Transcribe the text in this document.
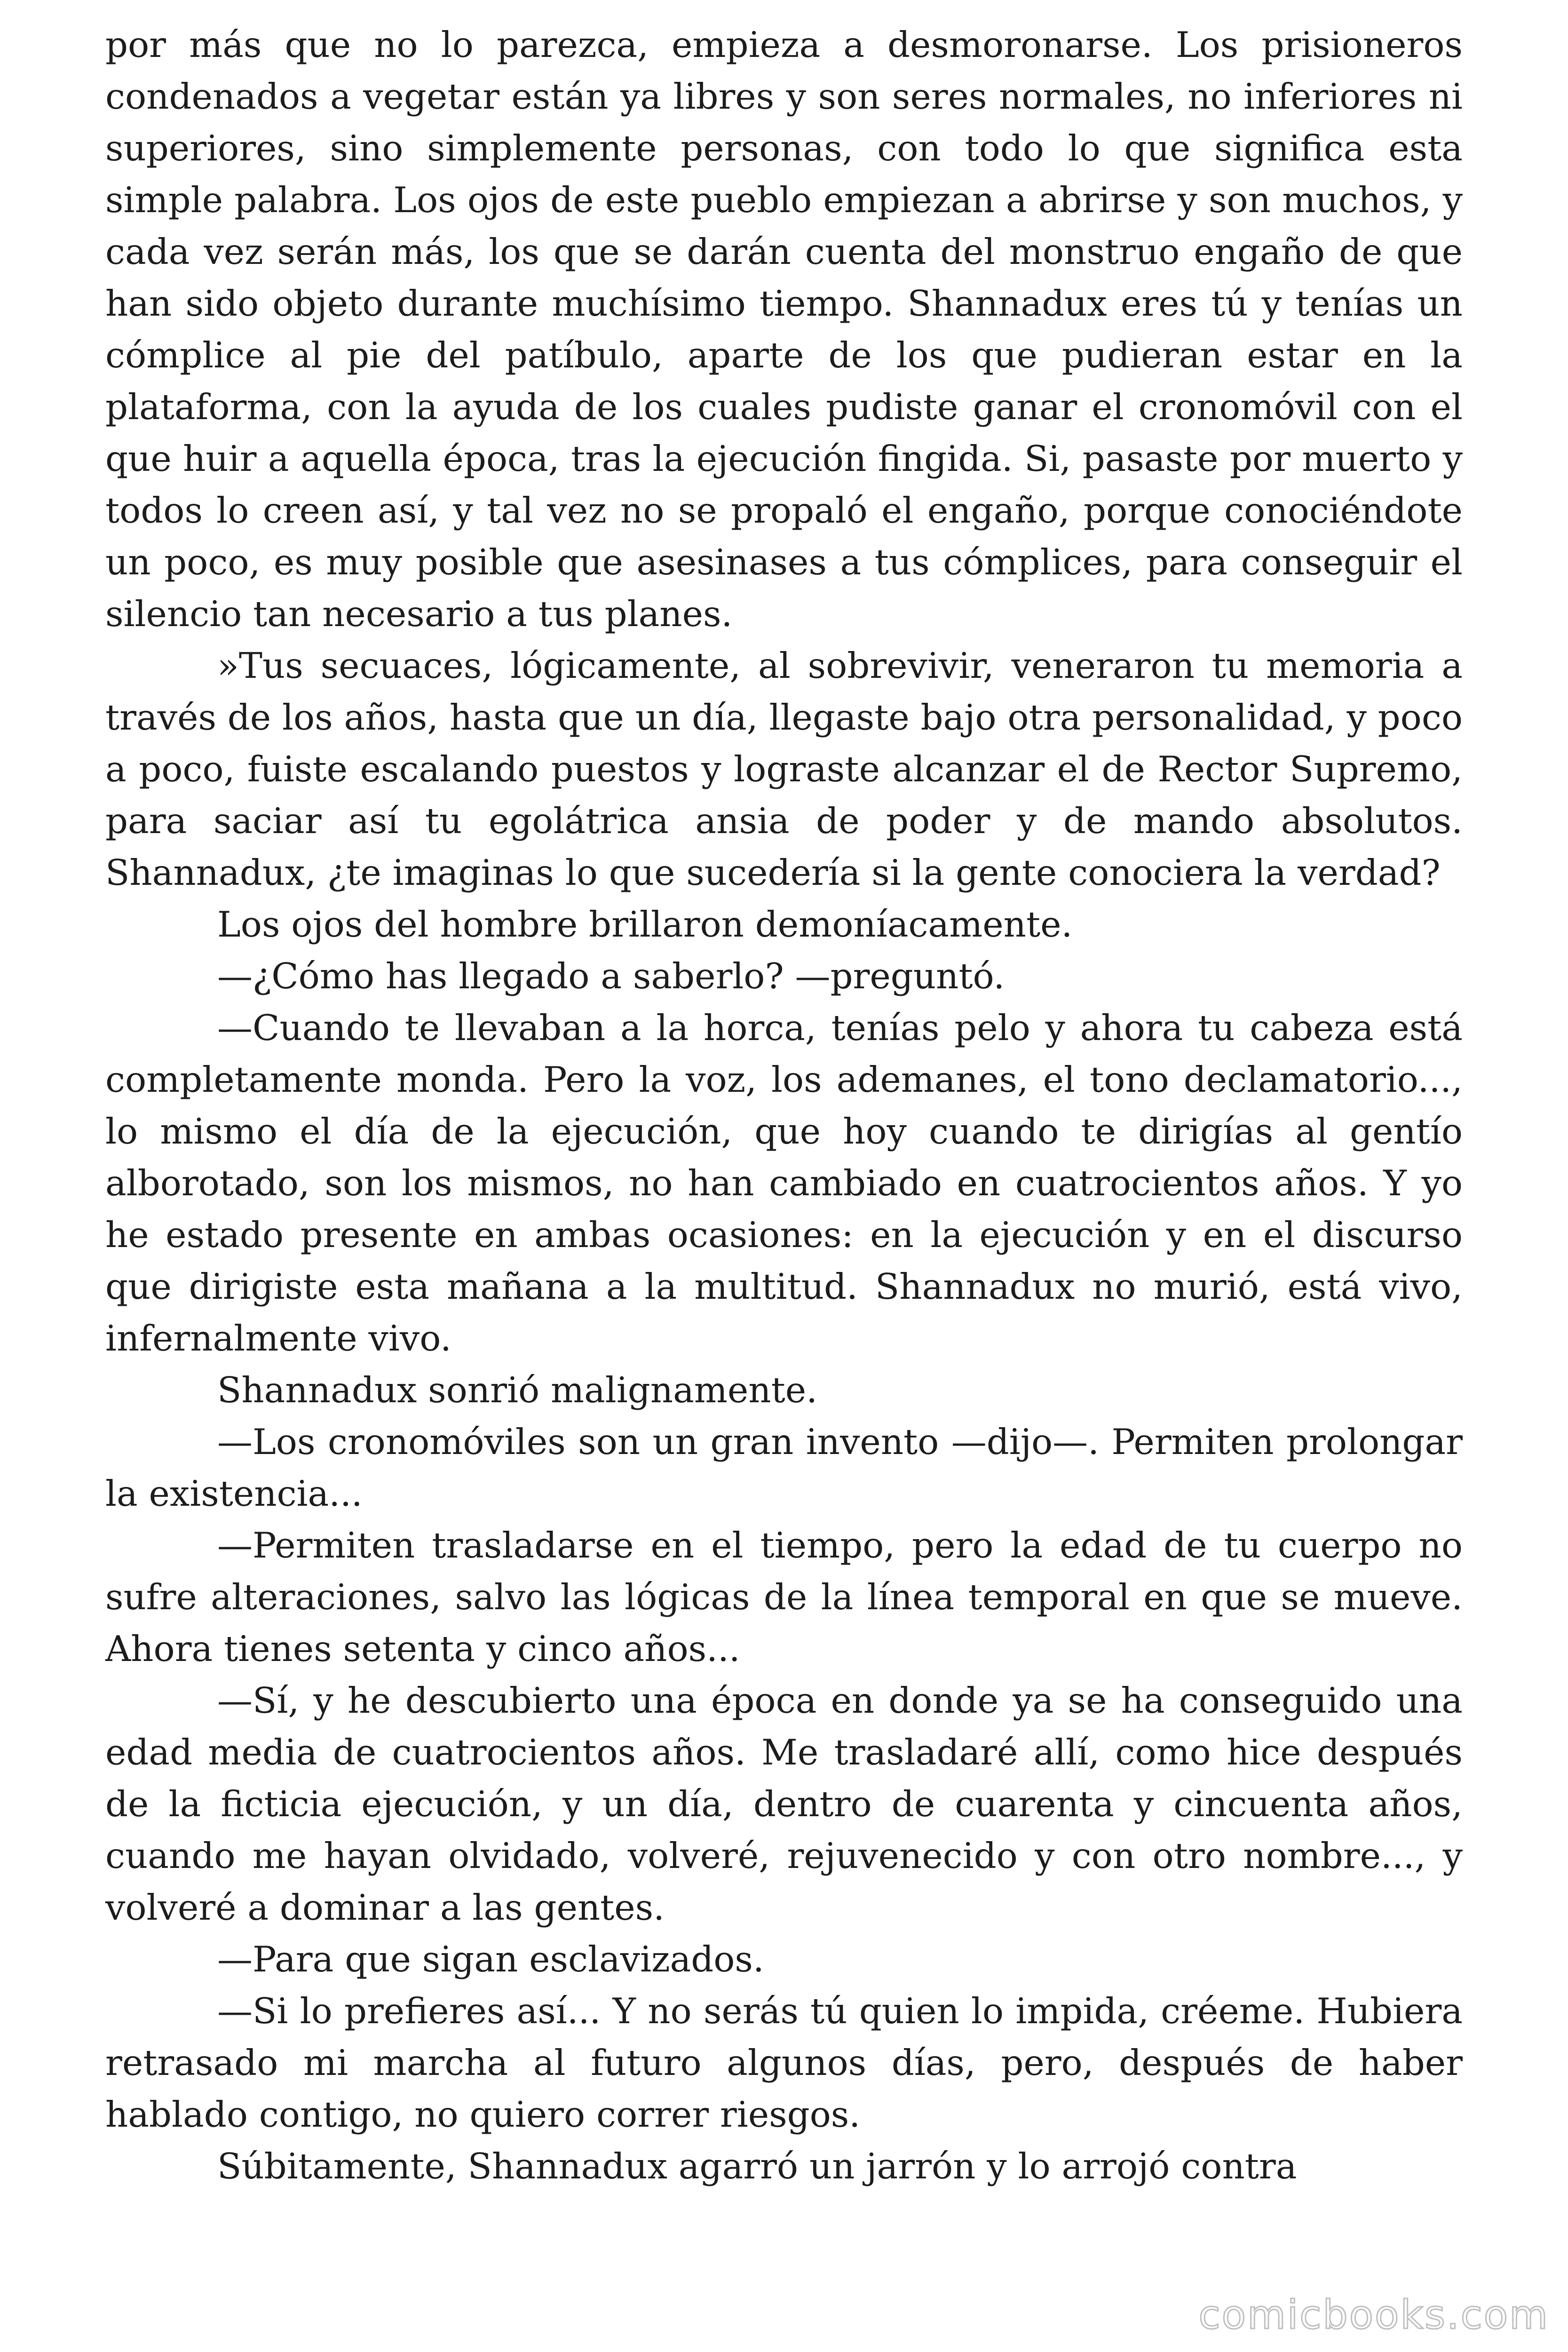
por más que no lo parezca, empieza a desmoronarse. Los prisioneros condenados a vegetar están ya libres y son seres normales, no inferiores ni superiores, sino simplemente personas, con todo lo que significa esta simple palabra. Los ojos de este pueblo empiezan a abrirse y son muchos, y cada vez serán más, los que se darán cuenta del monstruo engaño de que han sido objeto durante muchísimo tiempo. Shannadux eres tú y tenías un cómplice al pie del patíbulo, aparte de los que pudieran estar en la plataforma, con la ayuda de los cuales pudiste ganar el cronomóvil con el que huir a aquella época, tras la ejecución fingida. Si, pasaste por muerto y todos lo creen así, y tal vez no se propaló el engaño, porque conociéndote un poco, es muy posible que asesinases a tus cómplices, para conseguir el silencio tan necesario a tus planes.

»Tus secuaces, lógicamente, al sobrevivir, veneraron tu memoria a través de los años, hasta que un día, llegaste bajo otra personalidad, y poco a poco, fuiste escalando puestos y lograste alcanzar el de Rector Supremo, para saciar así tu egolátrica ansia de poder y de mando absolutos. Shannadux, ¿te imaginas lo que sucedería si la gente conociera la verdad?

Los ojos del hombre brillaron demoníacamente.

—¿Cómo has llegado a saberlo? —preguntó.

—Cuando te llevaban a la horca, tenías pelo y ahora tu cabeza está completamente monda. Pero la voz, los ademanes, el tono declamatorio..., lo mismo el día de la ejecución, que hoy cuando te dirigías al gentío alborotado, son los mismos, no han cambiado en cuatrocientos años. Y yo he estado presente en ambas ocasiones: en la ejecución y en el discurso que dirigiste esta mañana a la multitud. Shannadux no murió, está vivo, infernalmente vivo.

Shannadux sonrió malignamente.

—Los cronomóviles son un gran invento —dijo—. Permiten prolongar la existencia...

—Permiten trasladarse en el tiempo, pero la edad de tu cuerpo no sufre alteraciones, salvo las lógicas de la línea temporal en que se mueve. Ahora tienes setenta y cinco años...

—Sí, y he descubierto una época en donde ya se ha conseguido una edad media de cuatrocientos años. Me trasladaré allí, como hice después de la ficticia ejecución, y un día, dentro de cuarenta y cincuenta años, cuando me hayan olvidado, volveré, rejuvenecido y con otro nombre..., y volveré a dominar a las gentes.

—Para que sigan esclavizados.

—Si lo prefieres así... Y no serás tú quien lo impida, créeme. Hubiera retrasado mi marcha al futuro algunos días, pero, después de haber hablado contigo, no quiero correr riesgos.

Súbitamente, Shannadux agarró un jarrón y lo arrojó contra

comicbooks.com
